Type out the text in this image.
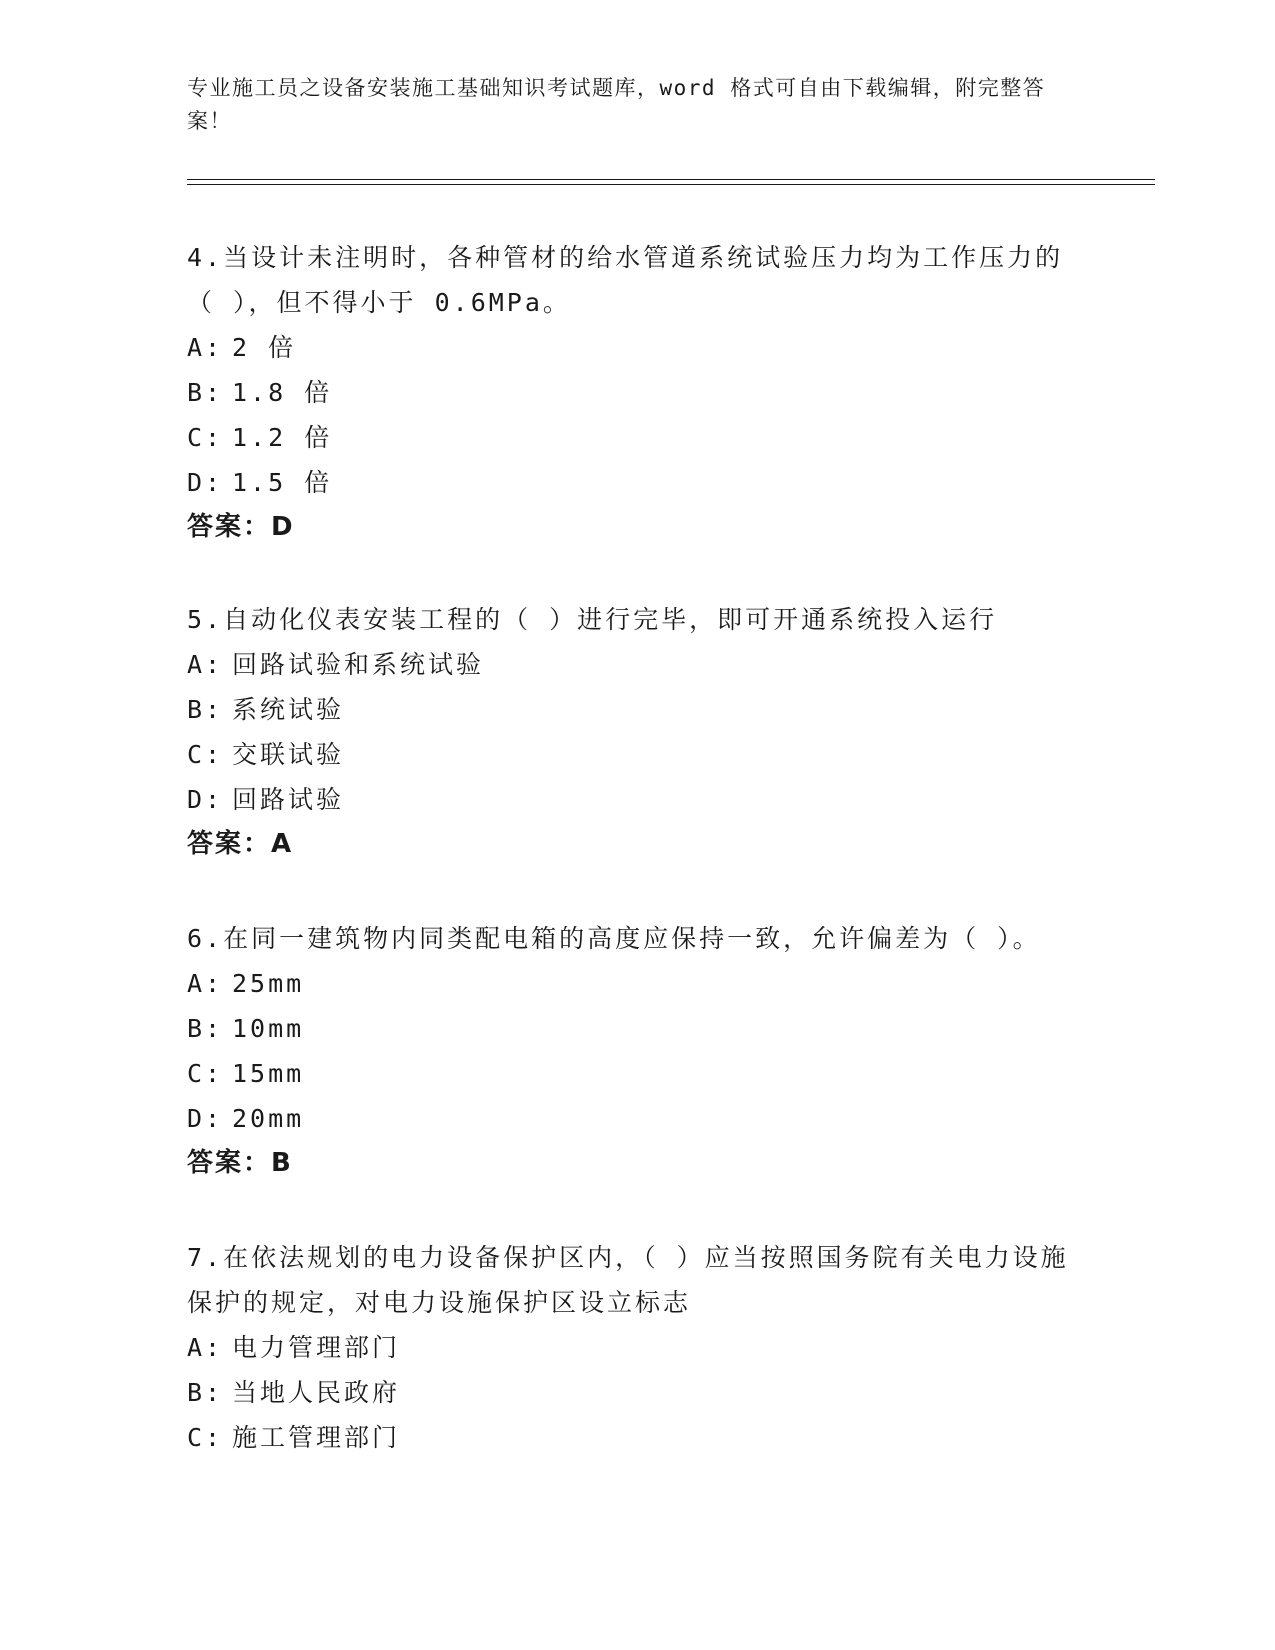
专业施工员之设备安装施工基础知识考试题库，word 格式可自由下载编辑，附完整答案！

4.当设计未注明时，各种管材的给水管道系统试验压力均为工作压力的（ ），但不得小于 0.6MPa。

A: 2 倍
B: 1.8 倍
C: 1.2 倍
D: 1.5 倍

答案：D

5.自动化仪表安装工程的（ ）进行完毕，即可开通系统投入运行

A: 回路试验和系统试验
B: 系统试验
C: 交联试验
D: 回路试验

答案：A

6.在同一建筑物内同类配电箱的高度应保持一致，允许偏差为（ ）。

A: 25mm
B: 10mm
C: 15mm
D: 20mm

答案：B

7.在依法规划的电力设备保护区内，（ ）应当按照国务院有关电力设施保护的规定，对电力设施保护区设立标志

A: 电力管理部门
B: 当地人民政府
C: 施工管理部门
